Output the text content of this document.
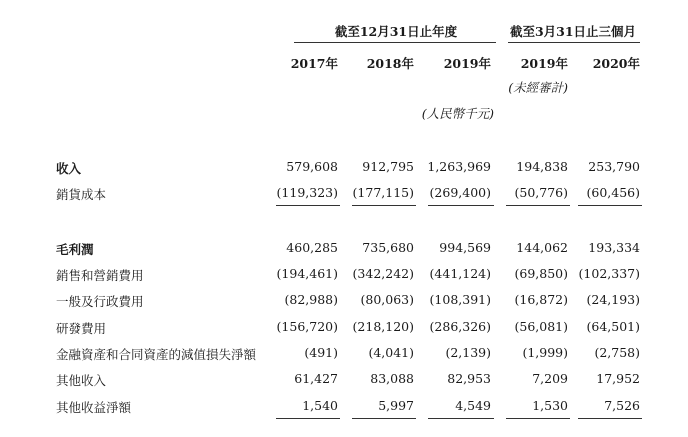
截至12月31日止年度	截至3月31日止三個月
2017年	2018年	2019年	2019年	2020年
(未經審計)
(人民幣千元)
收入	579,608	912,795	1,263,969	194,838	253,790
銷貨成本	(119,323)	(177,115)	(269,400)	(50,776)	(60,456)
毛利潤	460,285	735,680	994,569	144,062	193,334
銷售和營銷費用	(194,461)	(342,242)	(441,124)	(69,850) (102,337)
一般及行政費用	(82,988)	(80,063)	(108,391)	(16,872)	(24,193)
研發費用	(156,720)	(218,120)	(286,326)	(56,081)	(64,501)
金融資產和合同資產的減值損失淨額	(491)	(4,041)	(2,139)	(1,999)	(2,758)
其他收入	61,427	83,088	82,953	7,209	17,952
其他收益淨額	1,540	5,997	4,549	1,530	7,526
